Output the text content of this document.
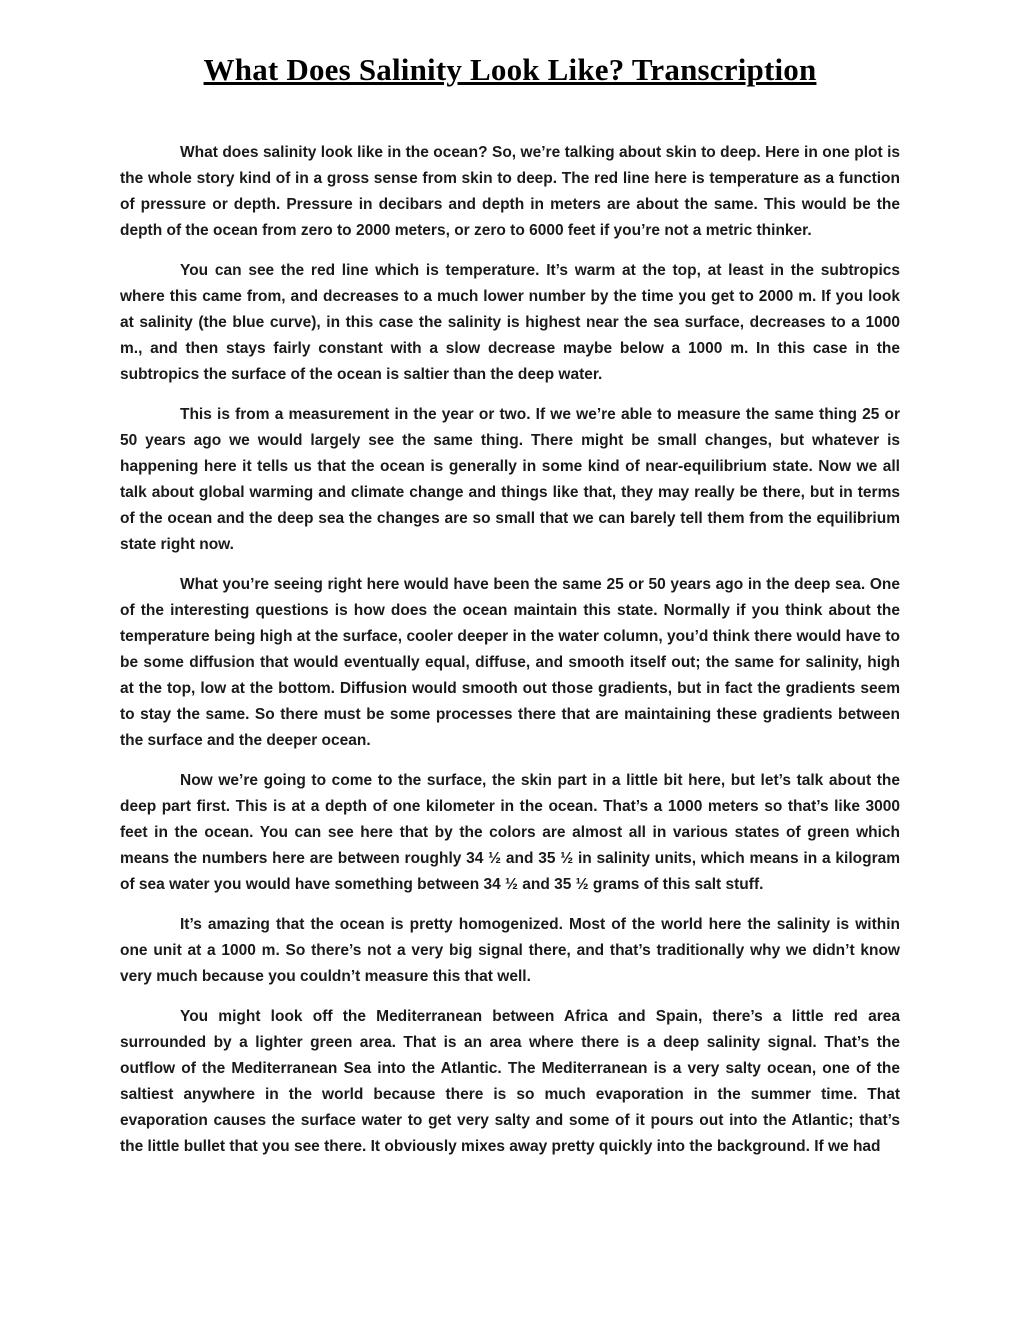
What Does Salinity Look Like? Transcription

What does salinity look like in the ocean? So, we’re talking about skin to deep. Here in one plot is the whole story kind of in a gross sense from skin to deep. The red line here is temperature as a function of pressure or depth. Pressure in decibars and depth in meters are about the same. This would be the depth of the ocean from zero to 2000 meters, or zero to 6000 feet if you’re not a metric thinker.

You can see the red line which is temperature. It’s warm at the top, at least in the subtropics where this came from, and decreases to a much lower number by the time you get to 2000 m. If you look at salinity (the blue curve), in this case the salinity is highest near the sea surface, decreases to a 1000 m., and then stays fairly constant with a slow decrease maybe below a 1000 m. In this case in the subtropics the surface of the ocean is saltier than the deep water.

This is from a measurement in the year or two. If we we’re able to measure the same thing 25 or 50 years ago we would largely see the same thing. There might be small changes, but whatever is happening here it tells us that the ocean is generally in some kind of near-equilibrium state. Now we all talk about global warming and climate change and things like that, they may really be there, but in terms of the ocean and the deep sea the changes are so small that we can barely tell them from the equilibrium state right now.

What you’re seeing right here would have been the same 25 or 50 years ago in the deep sea. One of the interesting questions is how does the ocean maintain this state. Normally if you think about the temperature being high at the surface, cooler deeper in the water column, you’d think there would have to be some diffusion that would eventually equal, diffuse, and smooth itself out; the same for salinity, high at the top, low at the bottom. Diffusion would smooth out those gradients, but in fact the gradients seem to stay the same. So there must be some processes there that are maintaining these gradients between the surface and the deeper ocean.

Now we’re going to come to the surface, the skin part in a little bit here, but let’s talk about the deep part first. This is at a depth of one kilometer in the ocean. That’s a 1000 meters so that’s like 3000 feet in the ocean. You can see here that by the colors are almost all in various states of green which means the numbers here are between roughly 34 ½ and 35 ½ in salinity units, which means in a kilogram of sea water you would have something between 34 ½ and 35 ½ grams of this salt stuff.

It’s amazing that the ocean is pretty homogenized. Most of the world here the salinity is within one unit at a 1000 m. So there’s not a very big signal there, and that’s traditionally why we didn’t know very much because you couldn’t measure this that well.

You might look off the Mediterranean between Africa and Spain, there’s a little red area surrounded by a lighter green area. That is an area where there is a deep salinity signal. That’s the outflow of the Mediterranean Sea into the Atlantic. The Mediterranean is a very salty ocean, one of the saltiest anywhere in the world because there is so much evaporation in the summer time. That evaporation causes the surface water to get very salty and some of it pours out into the Atlantic; that’s the little bullet that you see there. It obviously mixes away pretty quickly into the background. If we had
